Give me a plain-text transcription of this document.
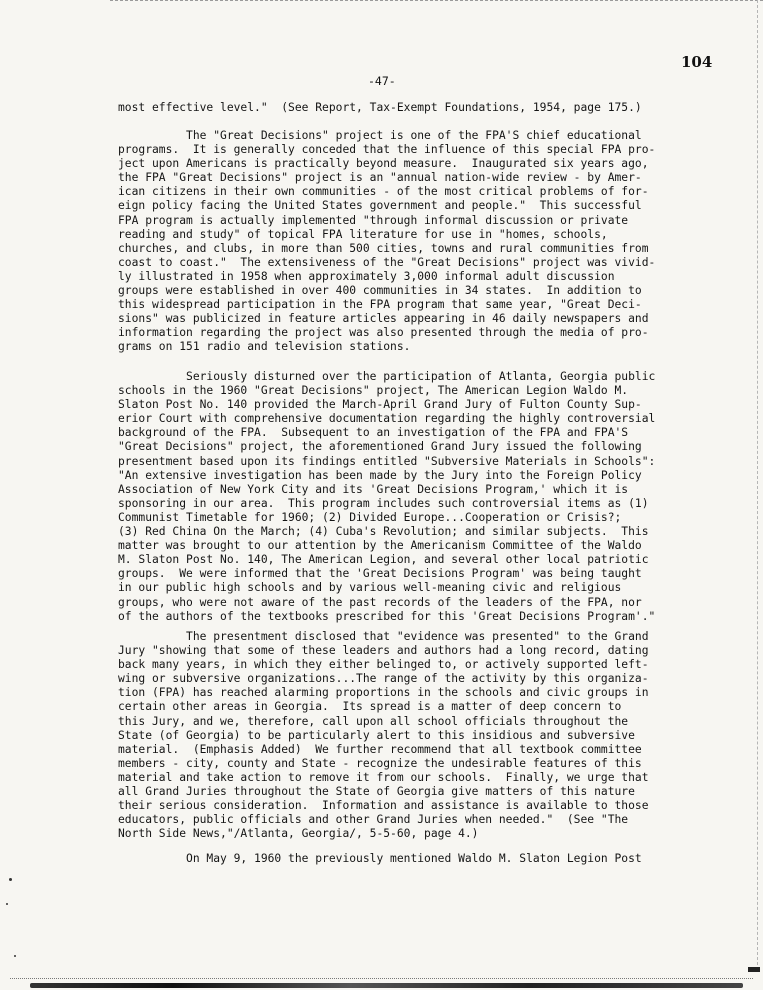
104
-47-
most effective level."  (See Report, Tax-Exempt Foundations, 1954, page 175.)
The "Great Decisions" project is one of the FPA'S chief educational
programs.  It is generally conceded that the influence of this special FPA pro-
ject upon Americans is practically beyond measure.  Inaugurated six years ago,
the FPA "Great Decisions" project is an "annual nation-wide review - by Amer-
ican citizens in their own communities - of the most critical problems of for-
eign policy facing the United States government and people."  This successful
FPA program is actually implemented "through informal discussion or private
reading and study" of topical FPA literature for use in "homes, schools,
churches, and clubs, in more than 500 cities, towns and rural communities from
coast to coast."  The extensiveness of the "Great Decisions" project was vivid-
ly illustrated in 1958 when approximately 3,000 informal adult discussion
groups were established in over 400 communities in 34 states.  In addition to
this widespread participation in the FPA program that same year, "Great Deci-
sions" was publicized in feature articles appearing in 46 daily newspapers and
information regarding the project was also presented through the media of pro-
grams on 151 radio and television stations.
Seriously disturned over the participation of Atlanta, Georgia public
schools in the 1960 "Great Decisions" project, The American Legion Waldo M.
Slaton Post No. 140 provided the March-April Grand Jury of Fulton County Sup-
erior Court with comprehensive documentation regarding the highly controversial
background of the FPA.  Subsequent to an investigation of the FPA and FPA'S
"Great Decisions" project, the aforementioned Grand Jury issued the following
presentment based upon its findings entitled "Subversive Materials in Schools":
"An extensive investigation has been made by the Jury into the Foreign Policy
Association of New York City and its 'Great Decisions Program,' which it is
sponsoring in our area.  This program includes such controversial items as (1)
Communist Timetable for 1960; (2) Divided Europe...Cooperation or Crisis?;
(3) Red China On the March; (4) Cuba's Revolution; and similar subjects.  This
matter was brought to our attention by the Americanism Committee of the Waldo
M. Slaton Post No. 140, The American Legion, and several other local patriotic
groups.  We were informed that the 'Great Decisions Program' was being taught
in our public high schools and by various well-meaning civic and religious
groups, who were not aware of the past records of the leaders of the FPA, nor
of the authors of the textbooks prescribed for this 'Great Decisions Program'."
The presentment disclosed that "evidence was presented" to the Grand
Jury "showing that some of these leaders and authors had a long record, dating
back many years, in which they either belinged to, or actively supported left-
wing or subversive organizations...The range of the activity by this organiza-
tion (FPA) has reached alarming proportions in the schools and civic groups in
certain other areas in Georgia.  Its spread is a matter of deep concern to
this Jury, and we, therefore, call upon all school officials throughout the
State (of Georgia) to be particularly alert to this insidious and subversive
material.  (Emphasis Added)  We further recommend that all textbook committee
members - city, county and State - recognize the undesirable features of this
material and take action to remove it from our schools.  Finally, we urge that
all Grand Juries throughout the State of Georgia give matters of this nature
their serious consideration.  Information and assistance is available to those
educators, public officials and other Grand Juries when needed."  (See "The
North Side News,"/Atlanta, Georgia/, 5-5-60, page 4.)
On May 9, 1960 the previously mentioned Waldo M. Slaton Legion Post
